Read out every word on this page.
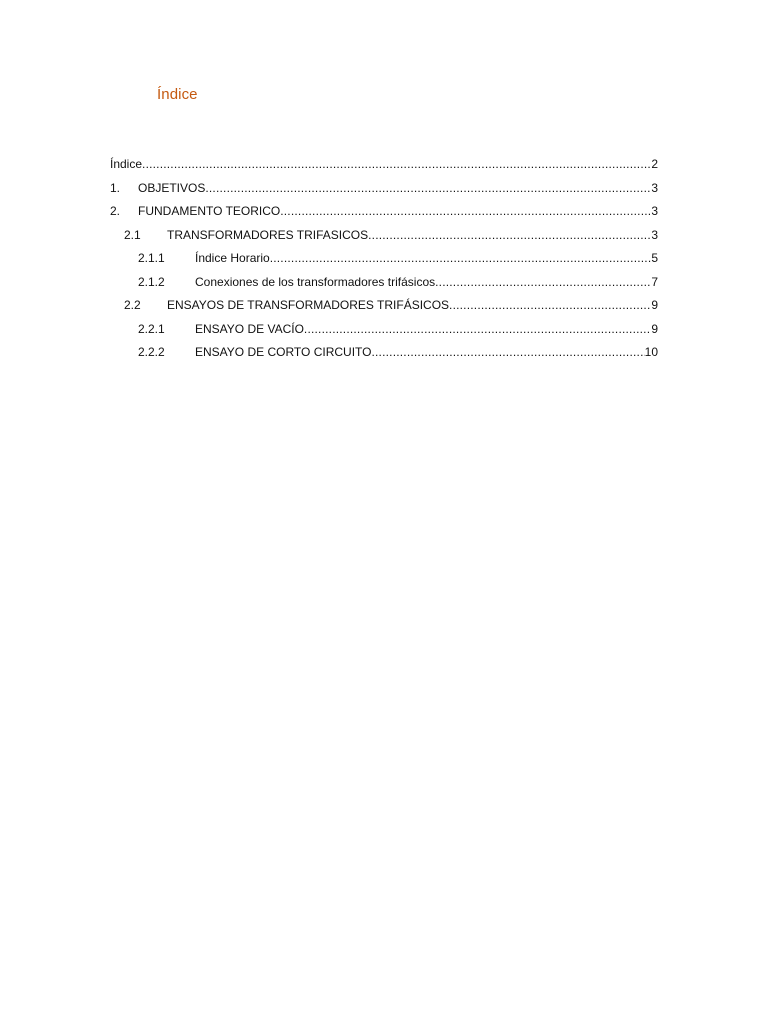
Índice
Índice .....	2
1.	OBJETIVOS .....	3
2.	FUNDAMENTO TEORICO .....	3
2.1	TRANSFORMADORES TRIFASICOS .....	3
2.1.1	Índice Horario .....	5
2.1.2	Conexiones de los transformadores trifásicos .....	7
2.2	ENSAYOS DE TRANSFORMADORES TRIFÁSICOS .....	9
2.2.1	ENSAYO DE VACÍO .....	9
2.2.2	ENSAYO DE CORTO CIRCUITO .....	10
